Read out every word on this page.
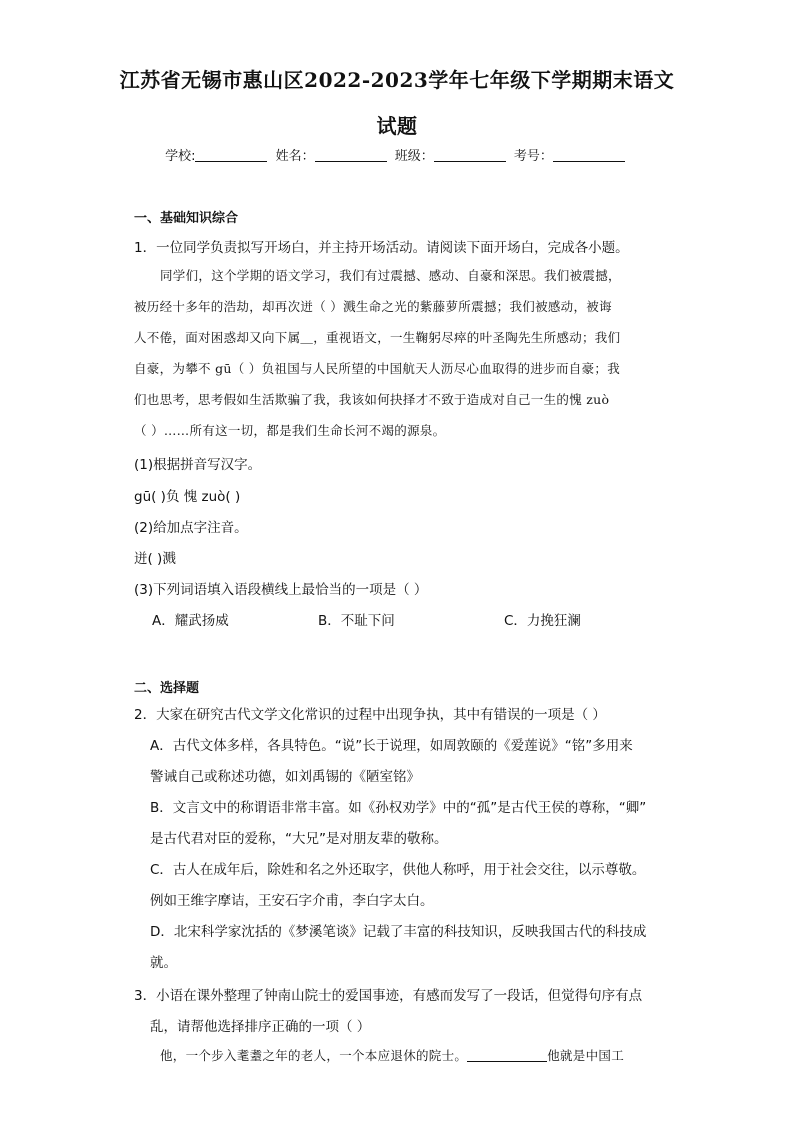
江苏省无锡市惠山区2022-2023学年七年级下学期期末语文
试题
学校:	姓名：	班级：	考号：
一、基础知识综合
1．一位同学负责拟写开场白，并主持开场活动。请阅读下面开场白，完成各小题。
同学们，这个学期的语文学习，我们有过震撼、感动、自豪和深思。我们被震撼，
被历经十多年的浩劫，却再次迸（ ）溅生命之光的紫藤萝所震撼；我们被感动，被诲
人不倦，面对困惑却又向下属＿，重视语文，一生鞠躬尽瘁的叶圣陶先生所感动；我们
自豪，为攀不 gū（ ）负祖国与人民所望的中国航天人沥尽心血取得的进步而自豪；我
们也思考，思考假如生活欺骗了我，我该如何抉择才不致于造成对自己一生的愧 zuò
（ ）……所有这一切，都是我们生命长河不竭的源泉。
(1)根据拼音写汉字。
gū( )负 愧 zuò( )
(2)给加点字注音。
迸( )溅
(3)下列词语填入语段横线上最恰当的一项是（ ）
A．耀武扬威	B．不耻下问	C．力挽狂澜
二、选择题
2．大家在研究古代文学文化常识的过程中出现争执，其中有错误的一项是（ ）
A．古代文体多样，各具特色。“说”长于说理，如周敦颐的《爱莲说》“铭”多用来
警诫自己或称述功德，如刘禹锡的《陋室铭》
B．文言文中的称谓语非常丰富。如《孙权劝学》中的“孤”是古代王侯的尊称，“卿”
是古代君对臣的爱称，“大兄”是对朋友辈的敬称。
C．古人在成年后，除姓和名之外还取字，供他人称呼，用于社会交往，以示尊敬。
例如王维字摩诘，王安石字介甫，李白字太白。
D．北宋科学家沈括的《梦溪笔谈》记载了丰富的科技知识，反映我国古代的科技成
就。
3．小语在课外整理了钟南山院士的爱国事迹，有感而发写了一段话，但觉得句序有点
乱，请帮他选择排序正确的一项（ ）
他，一个步入耄耋之年的老人，一个本应退休的院士。	他就是中国工
